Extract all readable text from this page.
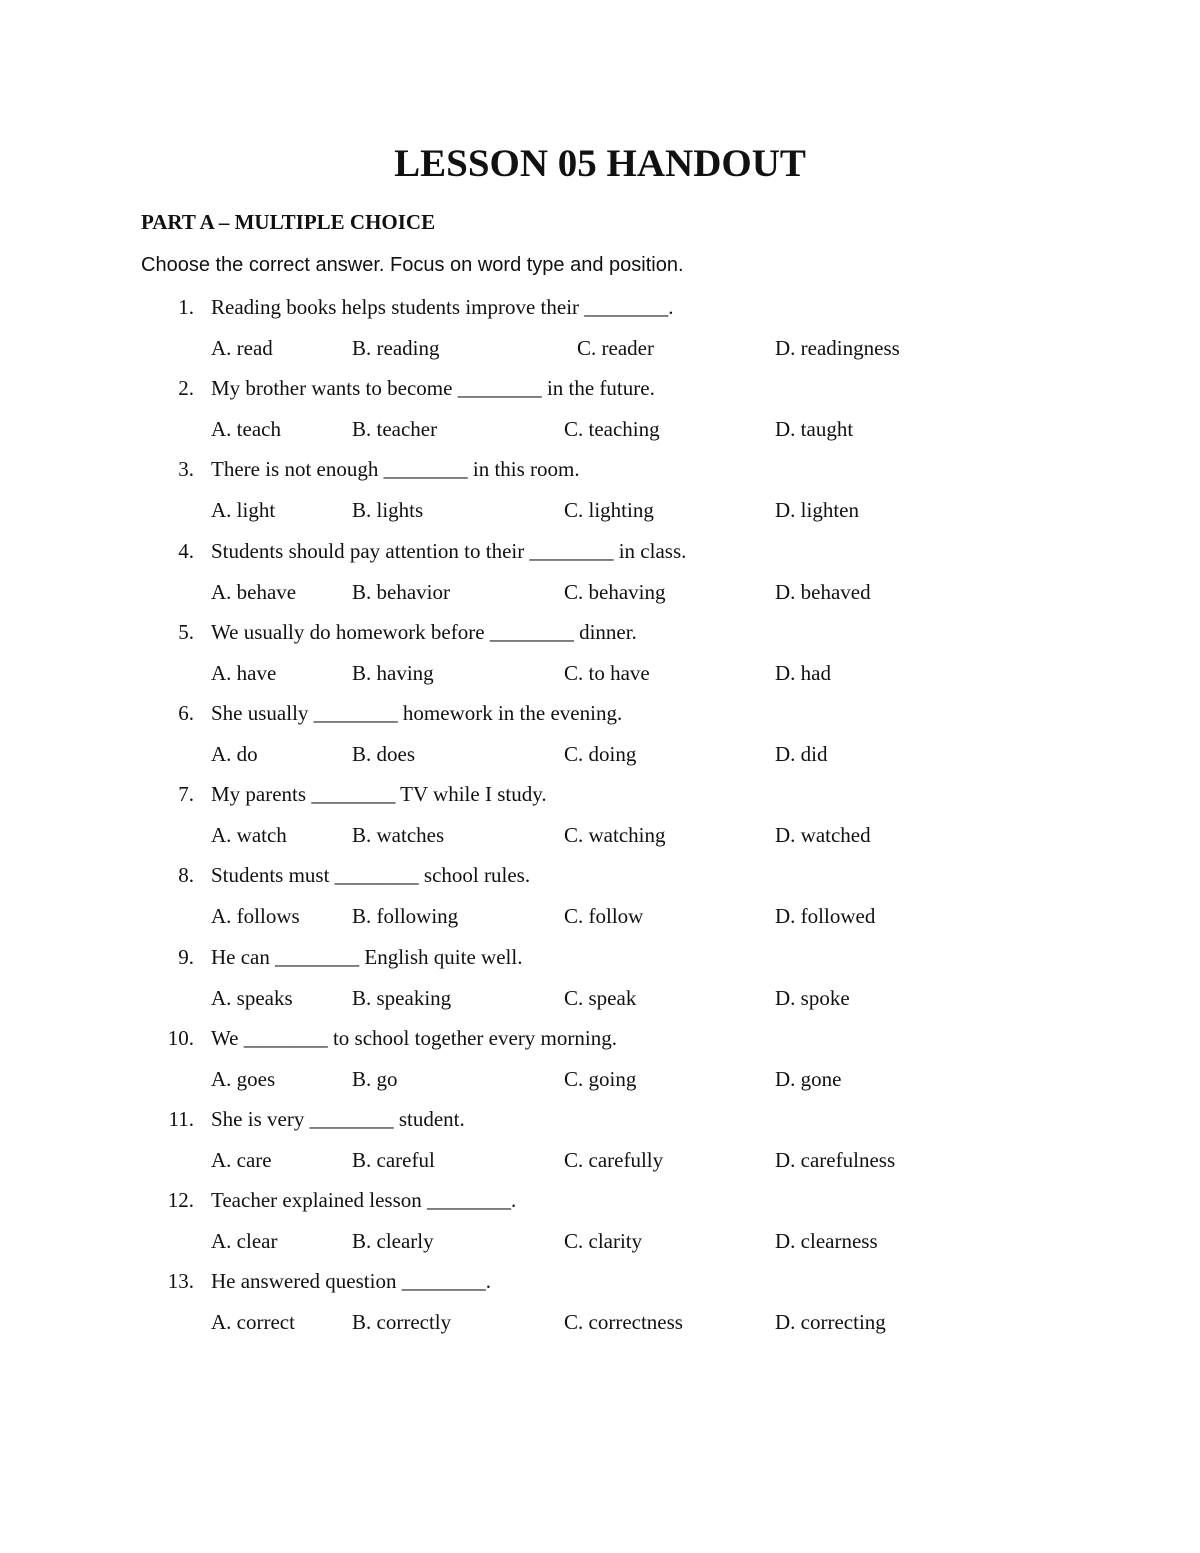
LESSON 05 HANDOUT
PART A – MULTIPLE CHOICE
Choose the correct answer. Focus on word type and position.
1. Reading books helps students improve their ________.
A. read	B. reading	C. reader	D. readingness
2. My brother wants to become ________ in the future.
A. teach	B. teacher	C. teaching	D. taught
3. There is not enough ________ in this room.
A. light	B. lights	C. lighting	D. lighten
4. Students should pay attention to their ________ in class.
A. behave	B. behavior	C. behaving	D. behaved
5. We usually do homework before ________ dinner.
A. have	B. having	C. to have	D. had
6. She usually ________ homework in the evening.
A. do	B. does	C. doing	D. did
7. My parents ________ TV while I study.
A. watch	B. watches	C. watching	D. watched
8. Students must ________ school rules.
A. follows B. following	C. follow	D. followed
9. He can ________ English quite well.
A. speaks	B. speaking	C. speak	D. spoke
10. We ________ to school together every morning.
A. goes	B. go	C. going	D. gone
11. She is very ________ student.
A. care	B. careful	C. carefully	D. carefulness
12. Teacher explained lesson ________.
A. clear	B. clearly	C. clarity	D. clearness
13. He answered question ________.
A. correct	B. correctly	C. correctness	D. correcting
